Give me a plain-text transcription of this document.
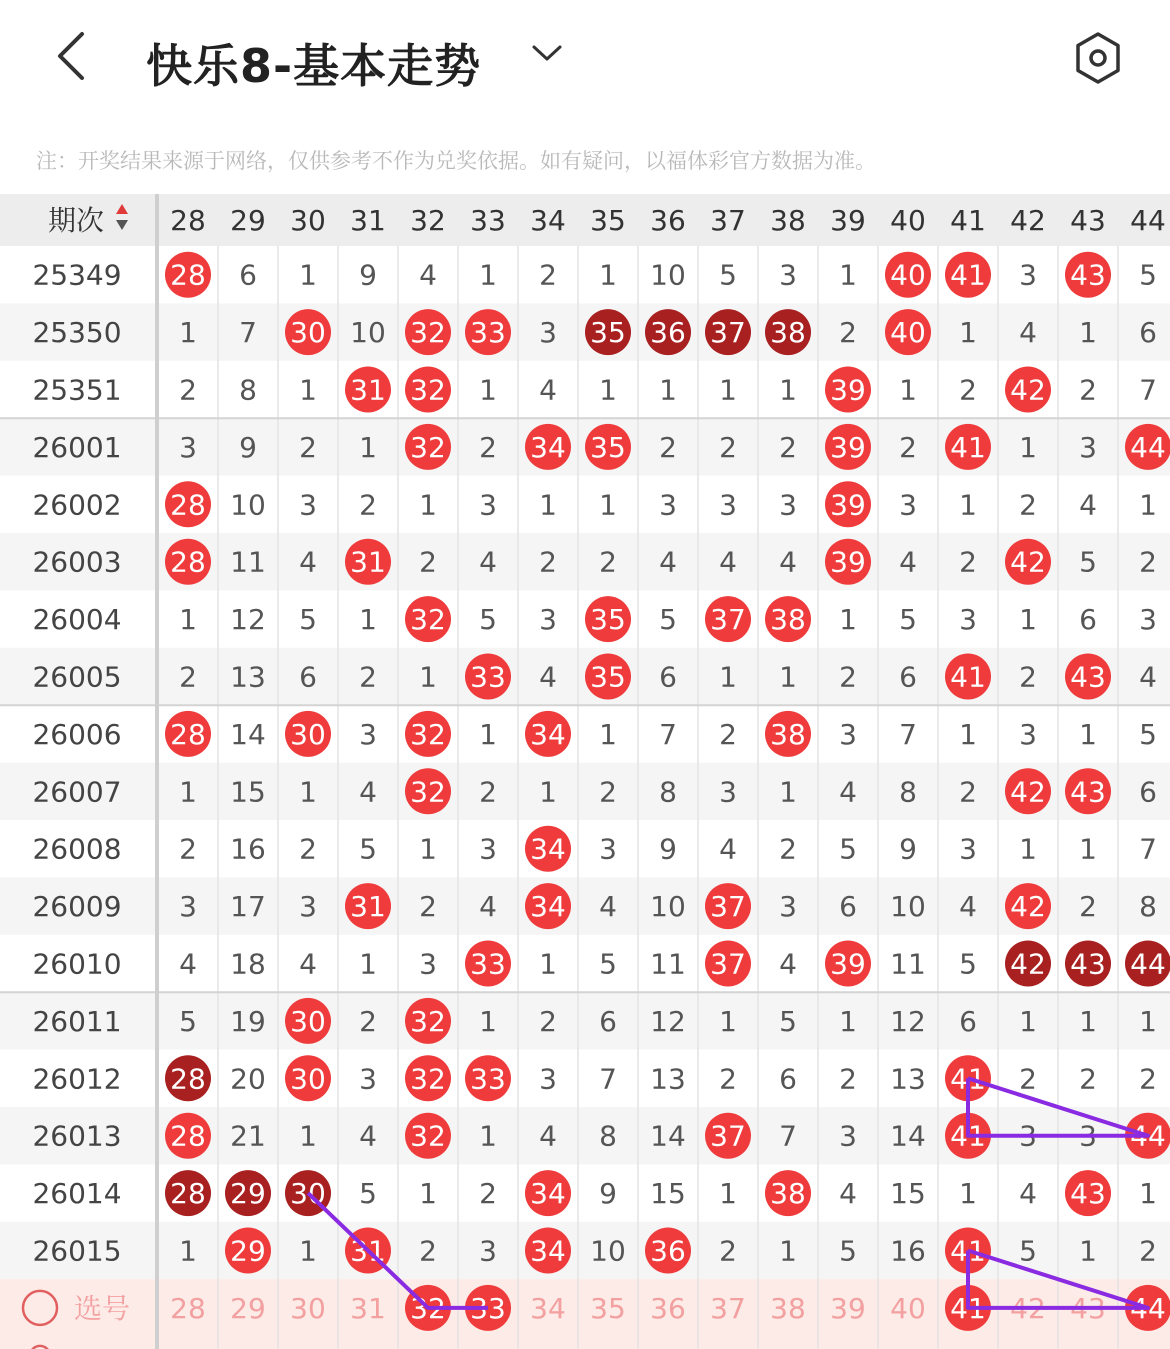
快乐8-基本走势
注：开奖结果来源于网络，仅供参考不作为兑奖依据。如有疑问，以福体彩官方数据为准。
期次 28 29 30 31 32 33 34 35 36 37 38 39 40 41 42 43 44
25349 28 6 1 9 4 1 2 1 10 5 3 1 40 41 3 43 5
25350 1 7 30 10 32 33 3 35 36 37 38 2 40 1 4 1 6
25351 2 8 1 31 32 1 4 1 1 1 1 39 1 2 42 2 7
26001 3 9 2 1 32 2 34 35 2 2 2 39 2 41 1 3 44
26002 28 10 3 2 1 3 1 1 3 3 3 39 3 1 2 4 1
26003 28 11 4 31 2 4 2 2 4 4 4 39 4 2 42 5 2
26004 1 12 5 1 32 5 3 35 5 37 38 1 5 3 1 6 3
26005 2 13 6 2 1 33 4 35 6 1 1 2 6 41 2 43 4
26006 28 14 30 3 32 1 34 1 7 2 38 3 7 1 3 1 5
26007 1 15 1 4 32 2 1 2 8 3 1 4 8 2 42 43 6
26008 2 16 2 5 1 3 34 3 9 4 2 5 9 3 1 1 7
26009 3 17 3 31 2 4 34 4 10 37 3 6 10 4 42 2 8
26010 4 18 4 1 3 33 1 5 11 37 4 39 11 5 42 43 44
26011 5 19 30 2 32 1 2 6 12 1 5 1 12 6 1 1 1
26012 28 20 30 3 32 33 3 7 13 2 6 2 13 41 2 2 2
26013 28 21 1 4 32 1 4 8 14 37 7 3 14 41 3 3 44
26014 28 29 30 5 1 2 34 9 15 1 38 4 15 1 4 43 1
26015 1 29 1 31 2 3 34 10 36 2 1 5 16 41 5 1 2
选号 28 29 30 31 32 33 34 35 36 37 38 39 40 41 42 43 44
